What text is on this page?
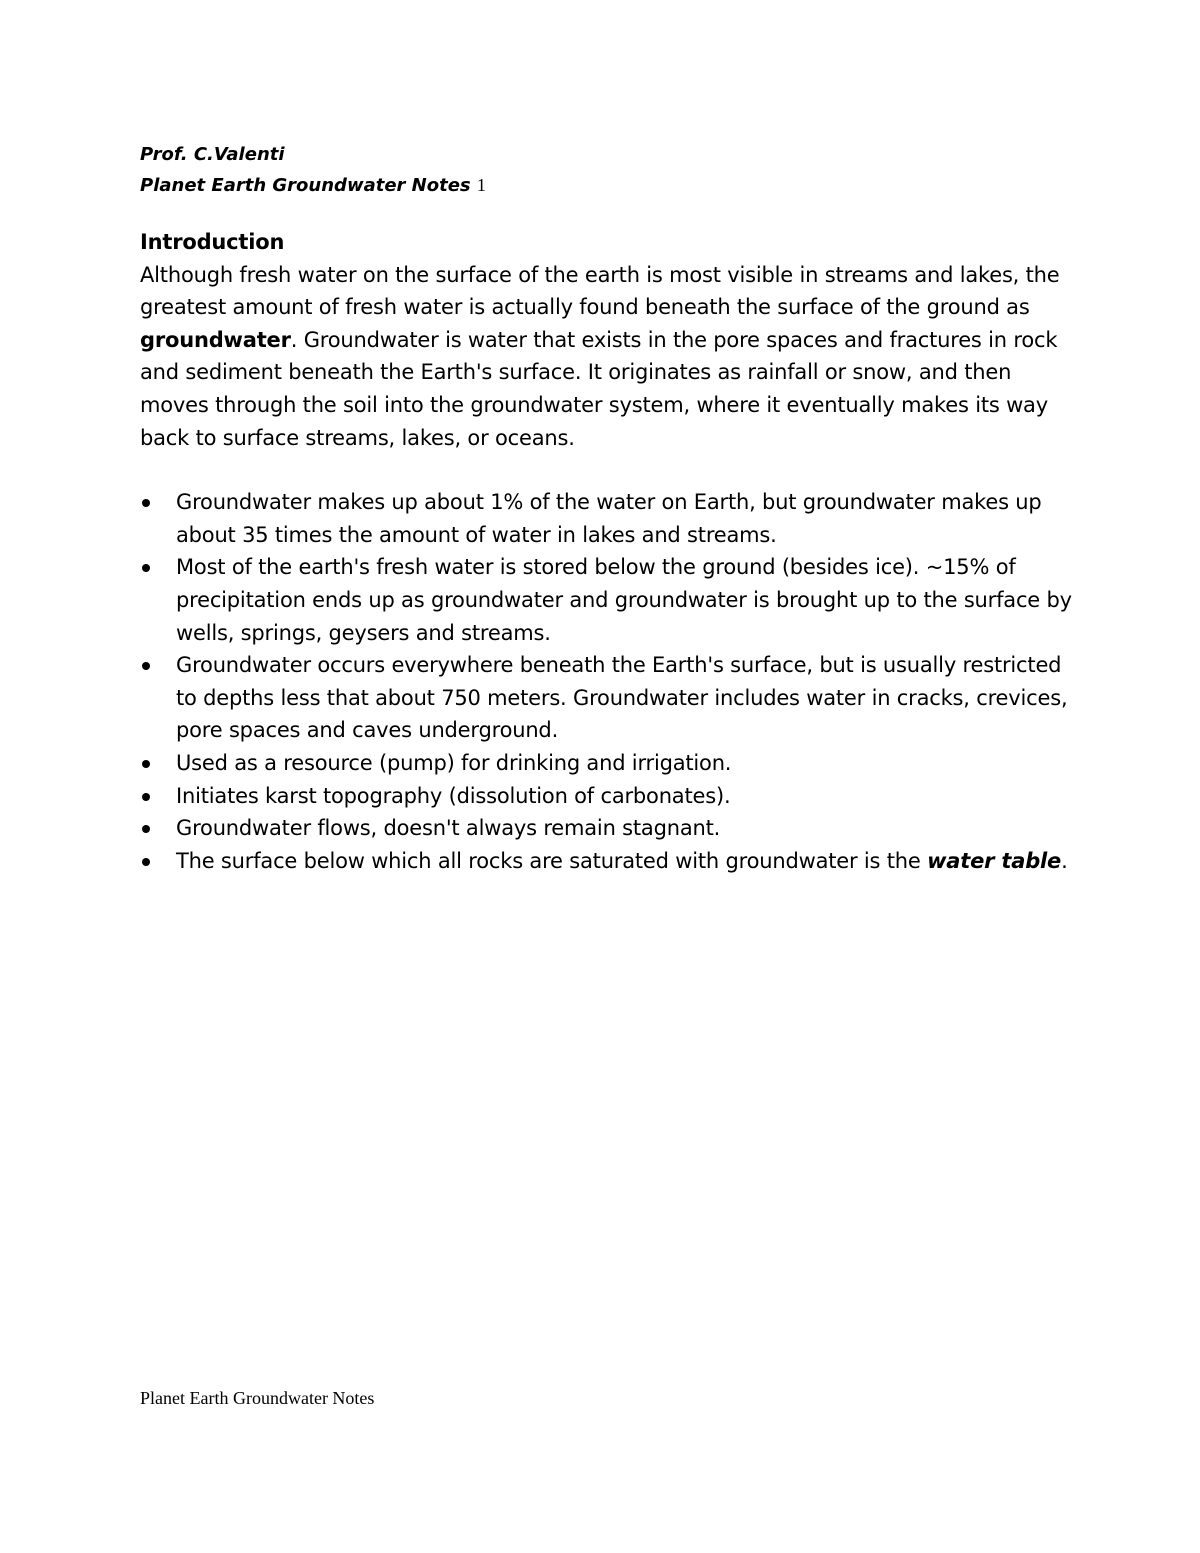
Prof. C.Valenti
Planet Earth Groundwater Notes 1

Introduction

Although fresh water on the surface of the earth is most visible in streams and lakes, the greatest amount of fresh water is actually found beneath the surface of the ground as groundwater. Groundwater is water that exists in the pore spaces and fractures in rock and sediment beneath the Earth's surface. It originates as rainfall or snow, and then moves through the soil into the groundwater system, where it eventually makes its way back to surface streams, lakes, or oceans.

Groundwater makes up about 1% of the water on Earth, but groundwater makes up about 35 times the amount of water in lakes and streams.
Most of the earth's fresh water is stored below the ground (besides ice). ~15% of precipitation ends up as groundwater and groundwater is brought up to the surface by wells, springs, geysers and streams.
Groundwater occurs everywhere beneath the Earth's surface, but is usually restricted to depths less that about 750 meters. Groundwater includes water in cracks, crevices, pore spaces and caves underground.
Used as a resource (pump) for drinking and irrigation.
Initiates karst topography (dissolution of carbonates).
Groundwater flows, doesn't always remain stagnant.
The surface below which all rocks are saturated with groundwater is the water table.
Planet Earth Groundwater Notes
